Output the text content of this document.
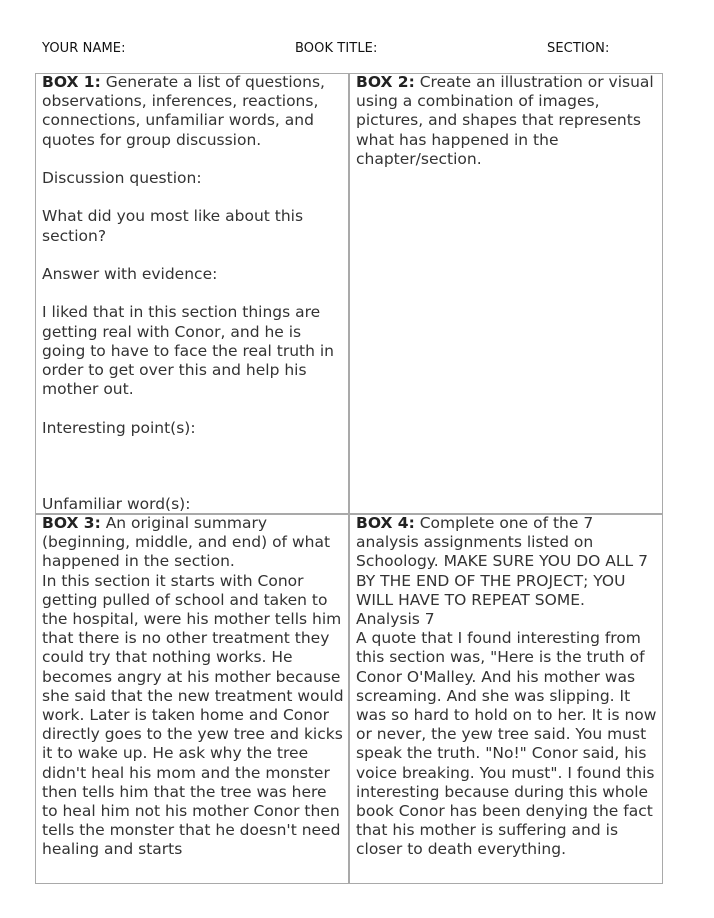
YOUR NAME:	BOOK TITLE:	SECTION:

BOX 1: Generate a list of questions, observations, inferences, reactions, connections, unfamiliar words, and quotes for group discussion.

Discussion question:

What did you most like about this section?

Answer with evidence:

I liked that in this section things are getting real with Conor, and he is going to have to face the real truth in order to get over this and help his mother out.

Interesting point(s):

Unfamiliar word(s):

BOX 2: Create an illustration or visual using a combination of images, pictures, and shapes that represents what has happened in the chapter/section.

BOX 3: An original summary (beginning, middle, and end) of what happened in the section.

In this section it starts with Conor getting pulled of school and taken to the hospital, were his mother tells him that there is no other treatment they could try that nothing works. He becomes angry at his mother because she said that the new treatment would work. Later is taken home and Conor directly goes to the yew tree and kicks it to wake up. He ask why the tree didn't heal his mom and the monster then tells him that the tree was here to heal him not his mother Conor then tells the monster that he doesn't need healing and starts

BOX 4: Complete one of the 7 analysis assignments listed on Schoology. MAKE SURE YOU DO ALL 7 BY THE END OF THE PROJECT; YOU WILL HAVE TO REPEAT SOME.

Analysis 7

A quote that I found interesting from this section was, "Here is the truth of Conor O'Malley. And his mother was screaming. And she was slipping. It was so hard to hold on to her. It is now or never, the yew tree said. You must speak the truth. "No!" Conor said, his voice breaking. You must". I found this interesting because during this whole book Conor has been denying the fact that his mother is suffering and is closer to death everything.
